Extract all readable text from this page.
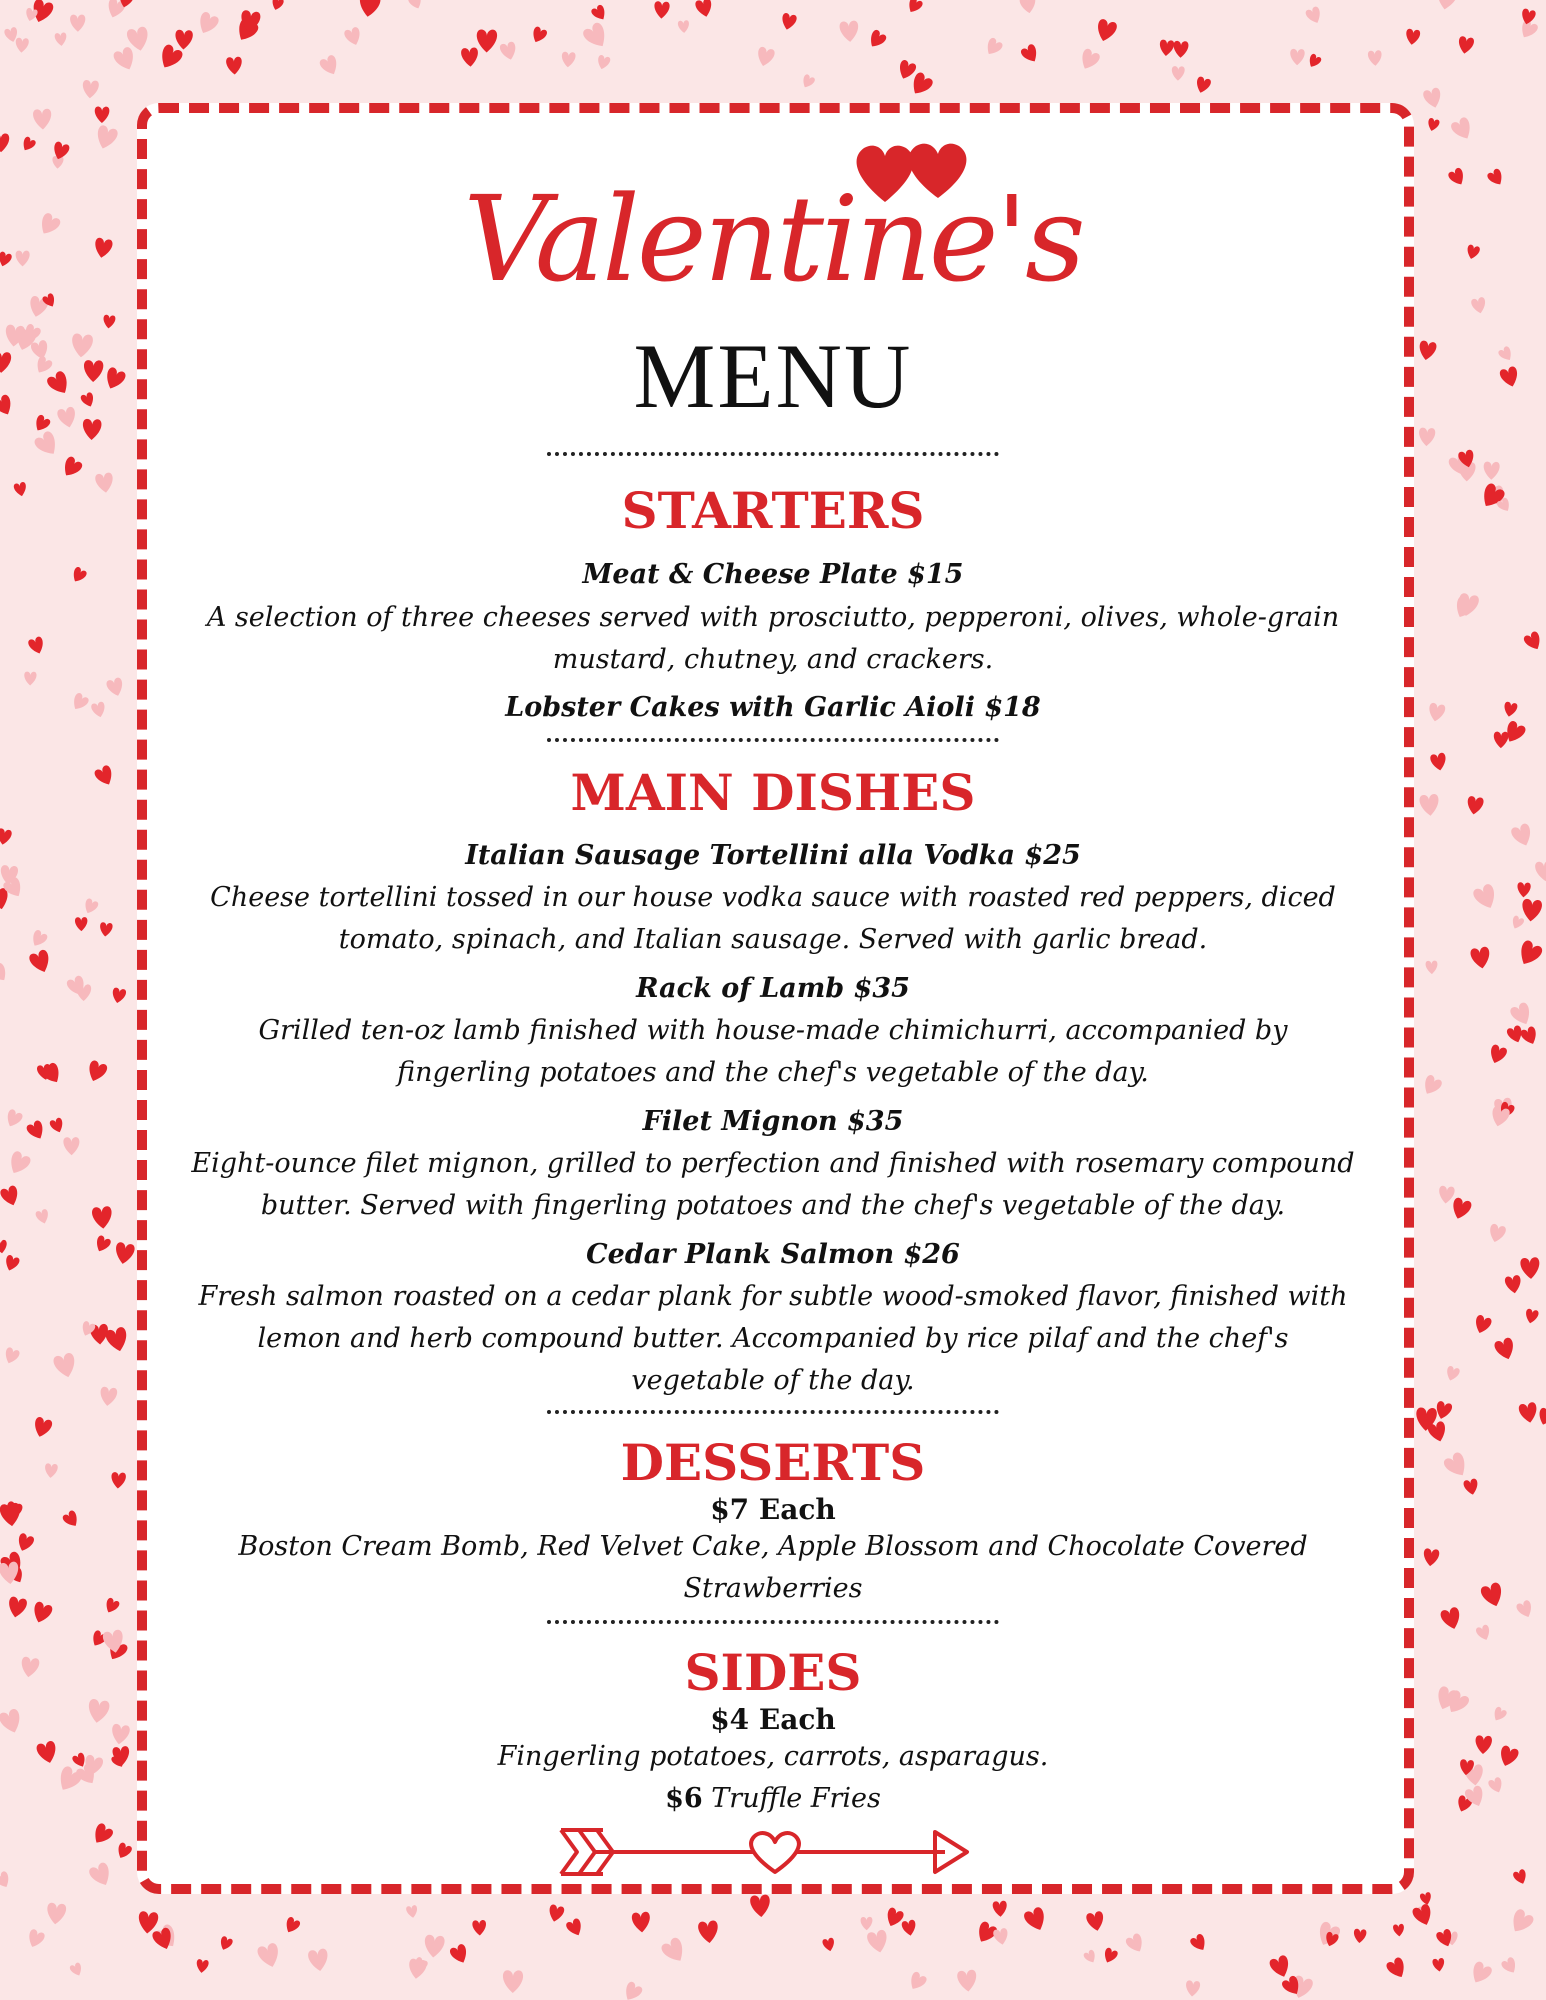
Valentine's
MENU
STARTERS
Meat & Cheese Plate $15
A selection of three cheeses served with prosciutto, pepperoni, olives, whole-grain mustard, chutney, and crackers.
Lobster Cakes with Garlic Aioli $18
MAIN DISHES
Italian Sausage Tortellini alla Vodka $25
Cheese tortellini tossed in our house vodka sauce with roasted red peppers, diced tomato, spinach, and Italian sausage. Served with garlic bread.
Rack of Lamb $35
Grilled ten-oz lamb finished with house-made chimichurri, accompanied by fingerling potatoes and the chef's vegetable of the day.
Filet Mignon $35
Eight-ounce filet mignon, grilled to perfection and finished with rosemary compound butter. Served with fingerling potatoes and the chef's vegetable of the day.
Cedar Plank Salmon $26
Fresh salmon roasted on a cedar plank for subtle wood-smoked flavor, finished with lemon and herb compound butter. Accompanied by rice pilaf and the chef's vegetable of the day.
DESSERTS
$7 Each
Boston Cream Bomb, Red Velvet Cake, Apple Blossom and Chocolate Covered Strawberries
SIDES
$4 Each
Fingerling potatoes, carrots, asparagus.
$6 Truffle Fries
